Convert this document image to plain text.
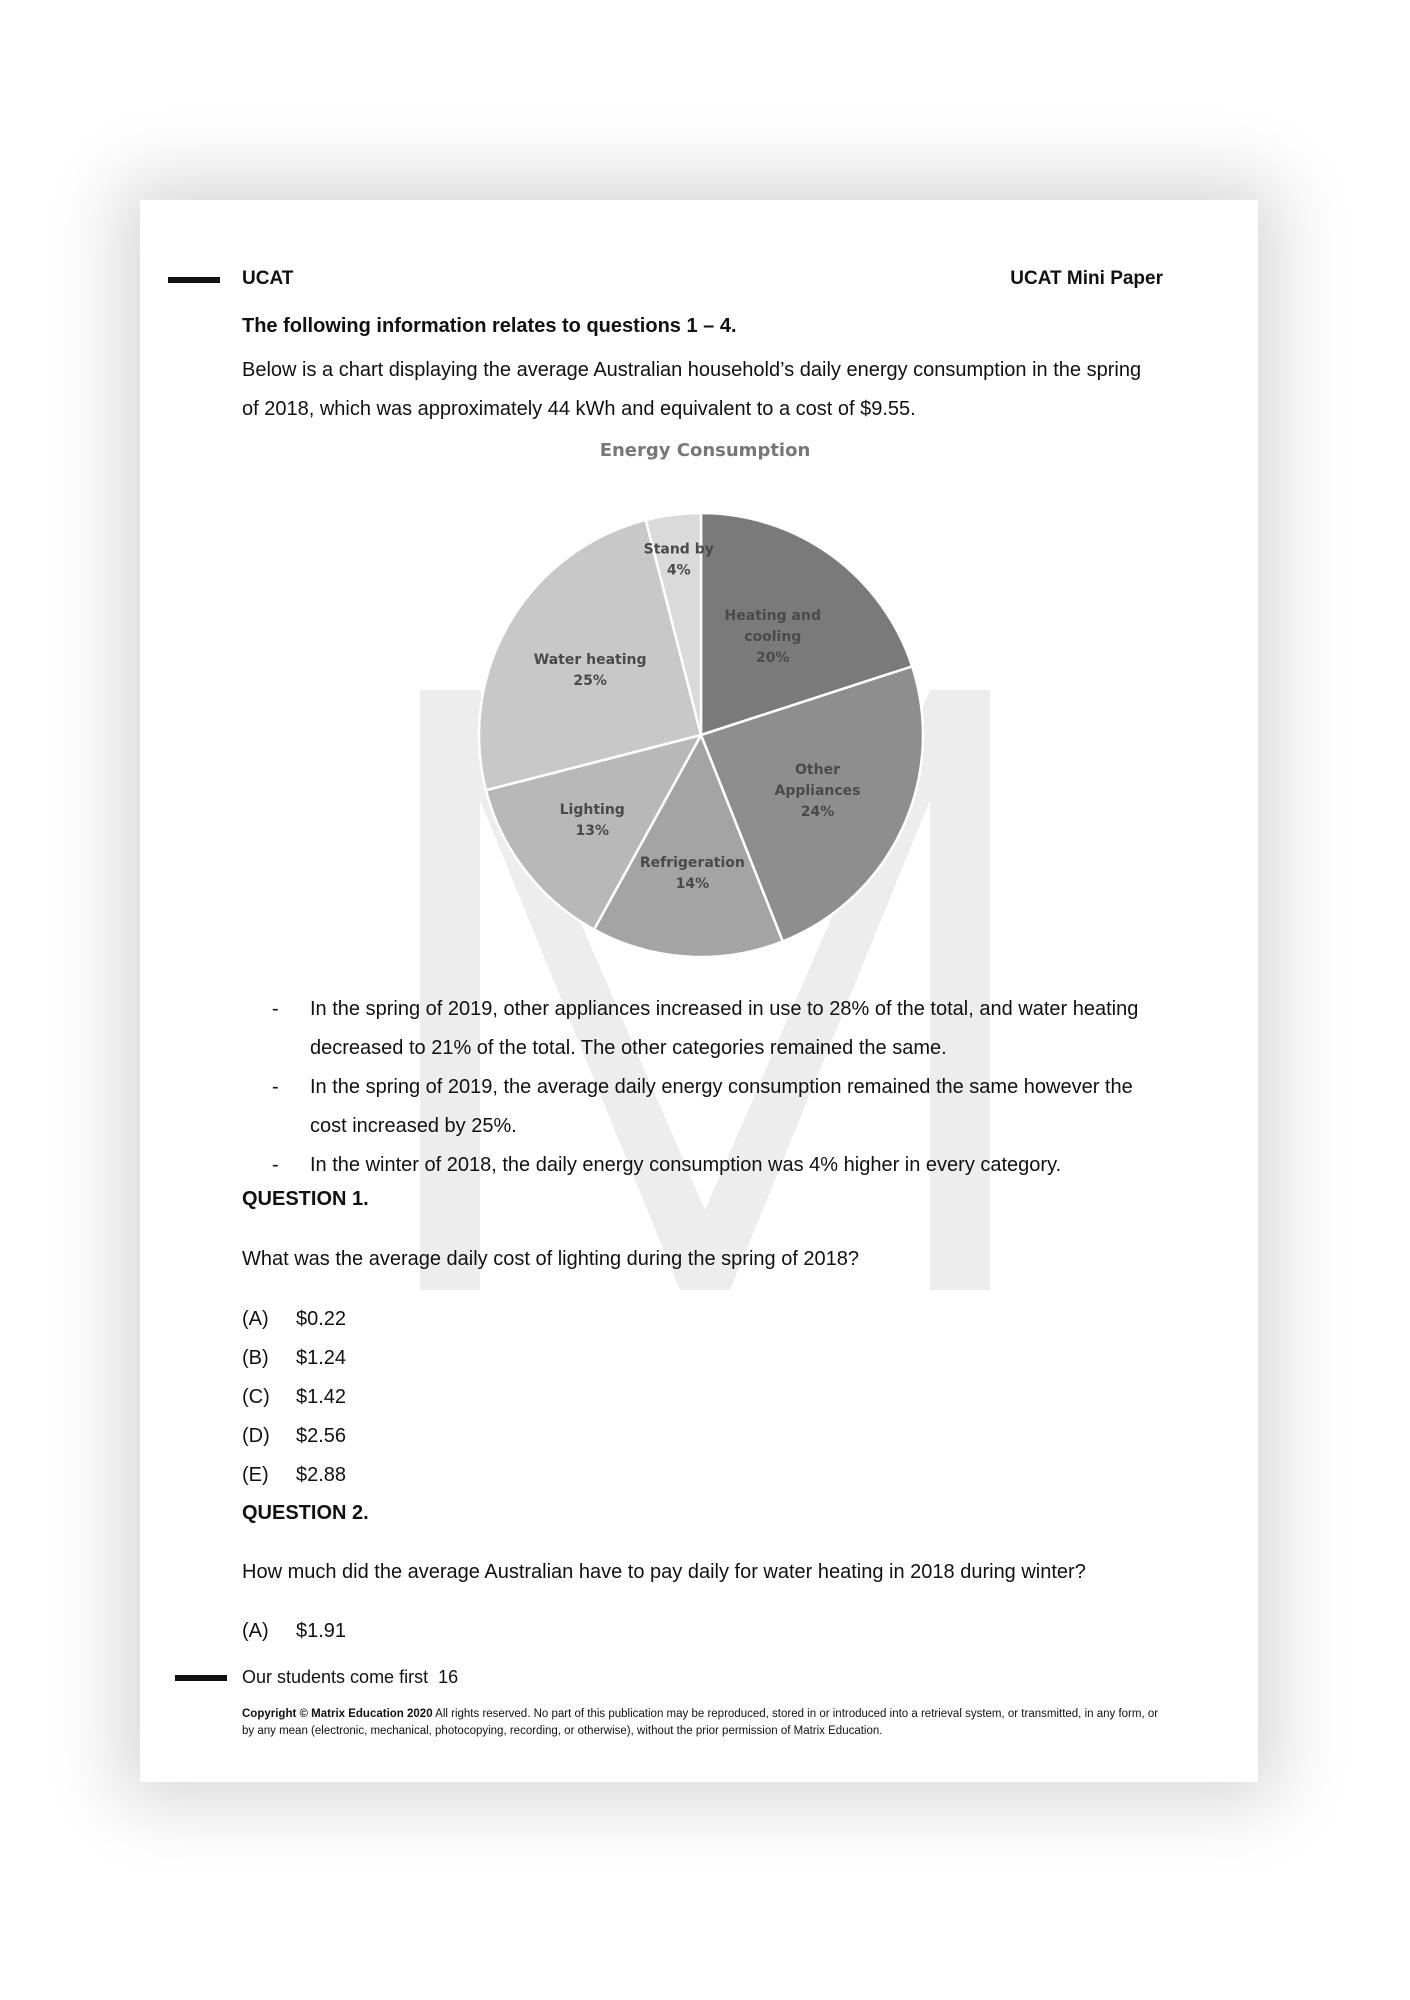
UCAT	UCAT Mini Paper
The following information relates to questions 1 – 4.
Below is a chart displaying the average Australian household’s daily energy consumption in the spring of 2018, which was approximately 44 kWh and equivalent to a cost of $9.55.
Energy Consumption
Heating and cooling 20%
Other Appliances 24%
Refrigeration 14%
Lighting 13%
Water heating 25%
Stand by 4%
- In the spring of 2019, other appliances increased in use to 28% of the total, and water heating decreased to 21% of the total. The other categories remained the same.
- In the spring of 2019, the average daily energy consumption remained the same however the cost increased by 25%.
- In the winter of 2018, the daily energy consumption was 4% higher in every category.
QUESTION 1.
What was the average daily cost of lighting during the spring of 2018?
(A) $0.22
(B) $1.24
(C) $1.42
(D) $2.56
(E) $2.88
QUESTION 2.
How much did the average Australian have to pay daily for water heating in 2018 during winter?
(A) $1.91
Our students come first 16
Copyright © Matrix Education 2020 All rights reserved. No part of this publication may be reproduced, stored in or introduced into a retrieval system, or transmitted, in any form, or by any mean (electronic, mechanical, photocopying, recording, or otherwise), without the prior permission of Matrix Education.
